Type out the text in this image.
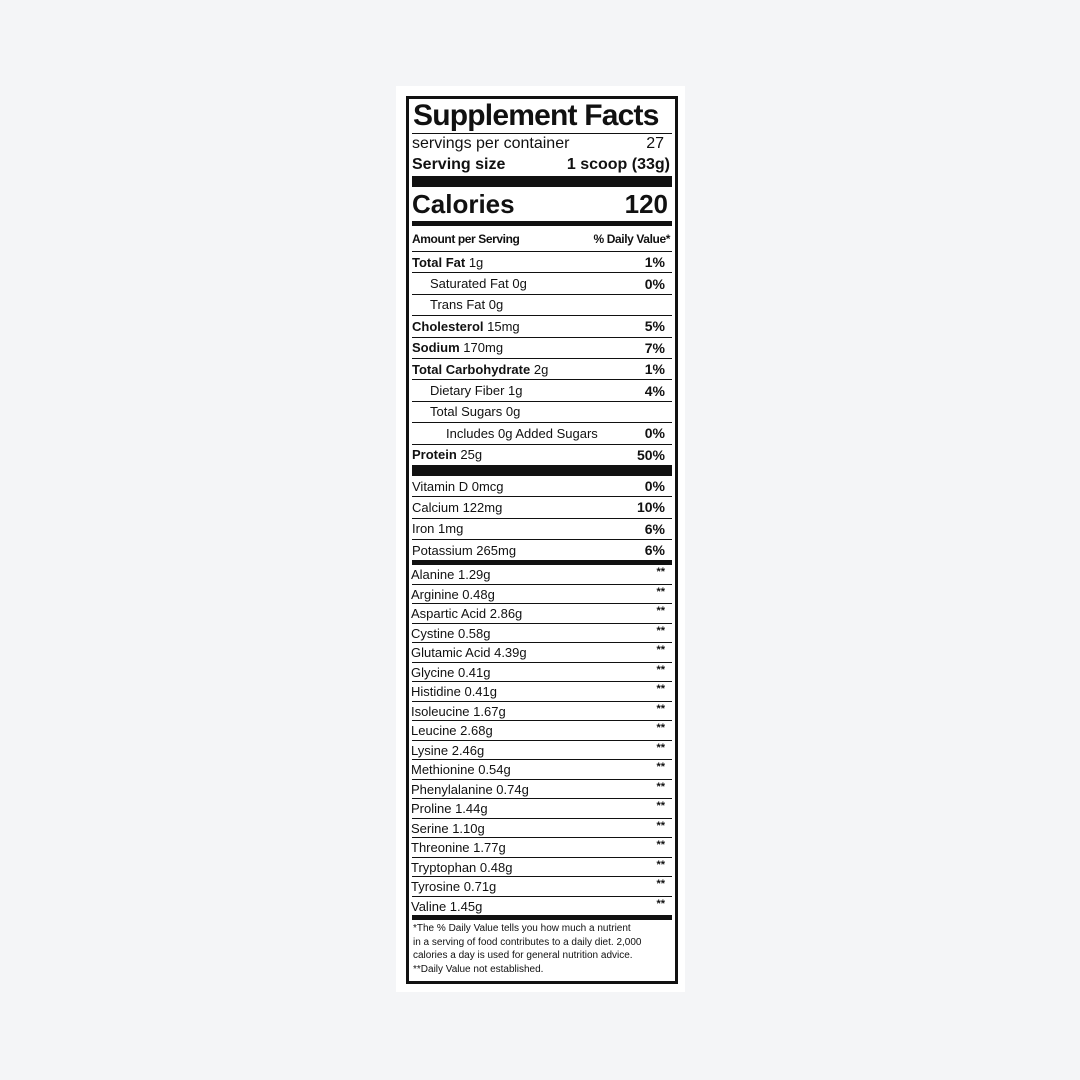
Supplement Facts
servings per container	27
Serving size	1 scoop (33g)
Calories	120
Amount per Serving	% Daily Value*
Total Fat 1g	1%
Saturated Fat 0g	0%
Trans Fat 0g
Cholesterol 15mg	5%
Sodium 170mg	7%
Total Carbohydrate 2g	1%
Dietary Fiber 1g	4%
Total Sugars 0g
Includes 0g Added Sugars	0%
Protein 25g	50%
Vitamin D 0mcg	0%
Calcium 122mg	10%
Iron 1mg	6%
Potassium 265mg	6%
Alanine 1.29g	**
Arginine 0.48g	**
Aspartic Acid 2.86g	**
Cystine 0.58g	**
Glutamic Acid 4.39g	**
Glycine 0.41g	**
Histidine 0.41g	**
Isoleucine 1.67g	**
Leucine 2.68g	**
Lysine 2.46g	**
Methionine 0.54g	**
Phenylalanine 0.74g	**
Proline 1.44g	**
Serine 1.10g	**
Threonine 1.77g	**
Tryptophan 0.48g	**
Tyrosine 0.71g	**
Valine 1.45g	**
*The % Daily Value tells you how much a nutrient
in a serving of food contributes to a daily diet. 2,000
calories a day is used for general nutrition advice.
**Daily Value not established.
